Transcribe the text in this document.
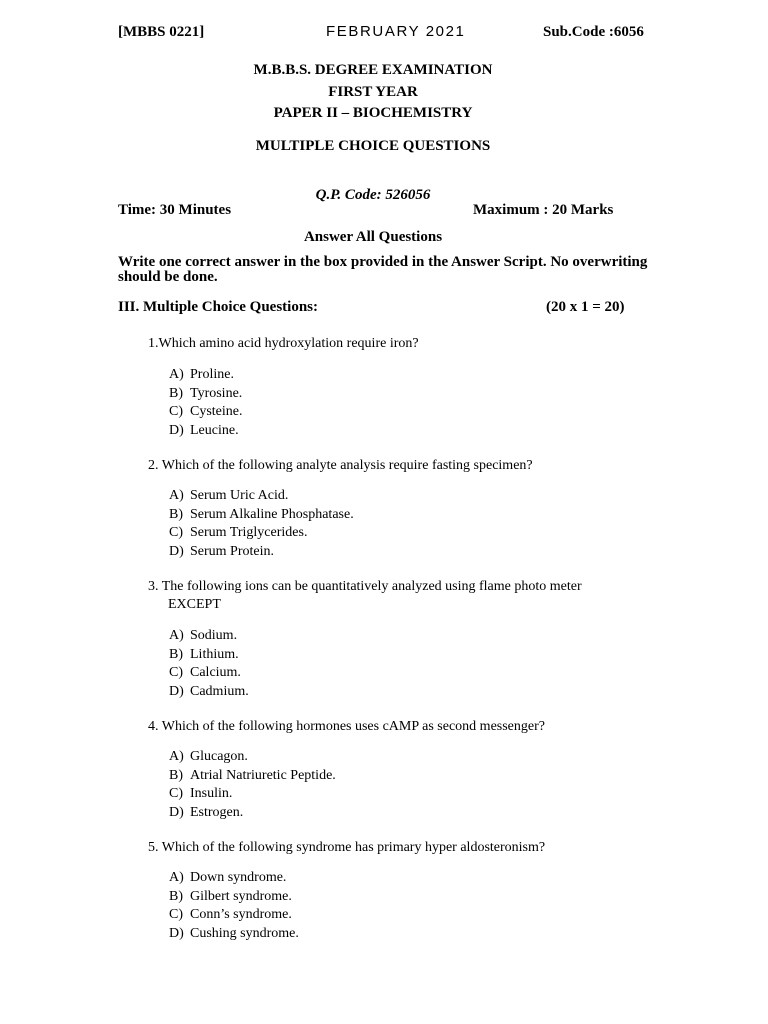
[MBBS 0221]	FEBRUARY 2021	Sub.Code :6056
M.B.B.S. DEGREE EXAMINATION
FIRST YEAR
PAPER II – BIOCHEMISTRY
MULTIPLE CHOICE QUESTIONS
Q.P. Code: 526056
Time: 30 Minutes	Maximum : 20 Marks
Answer All Questions
Write one correct answer in the box provided in the Answer Script. No overwriting should be done.
III. Multiple Choice Questions:	(20 x 1 = 20)
1.Which amino acid hydroxylation require iron?
A) Proline.
B) Tyrosine.
C) Cysteine.
D) Leucine.
2. Which of the following analyte analysis require fasting specimen?
A) Serum Uric Acid.
B) Serum Alkaline Phosphatase.
C) Serum Triglycerides.
D) Serum Protein.
3. The following ions can be quantitatively analyzed using flame photo meter
EXCEPT
A) Sodium.
B) Lithium.
C) Calcium.
D) Cadmium.
4. Which of the following hormones uses cAMP as second messenger?
A) Glucagon.
B) Atrial Natriuretic Peptide.
C) Insulin.
D) Estrogen.
5. Which of the following syndrome has primary hyper aldosteronism?
A) Down syndrome.
B) Gilbert syndrome.
C) Conn’s syndrome.
D) Cushing syndrome.
